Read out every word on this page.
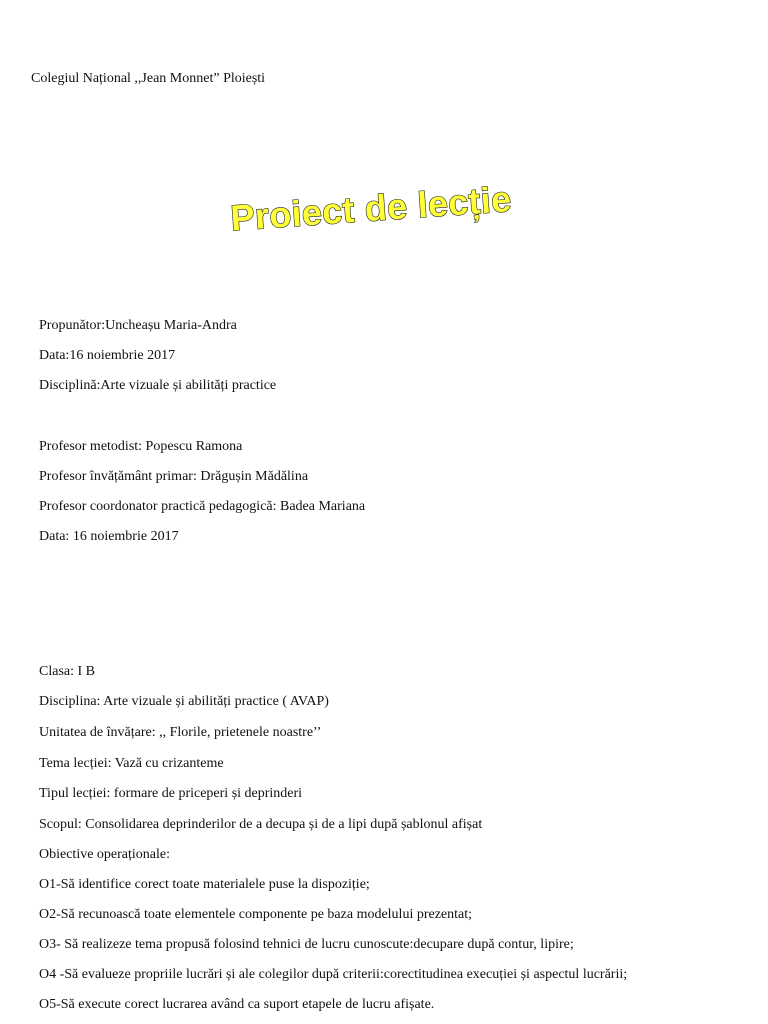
Colegiul Național ,,Jean Monnet” Ploiești
Proiect de lecție
Propunător:Uncheașu Maria-Andra
Data:16 noiembrie 2017
Disciplină:Arte vizuale și abilități practice
Profesor metodist: Popescu Ramona
Profesor învățământ primar: Drăgușin Mădălina
Profesor coordonator practică pedagogică: Badea Mariana
Data: 16 noiembrie 2017
Clasa: I B
Disciplina: Arte vizuale și abilități practice ( AVAP)
Unitatea de învățare: ,, Florile, prietenele noastre’’
Tema lecției: Vază cu crizanteme
Tipul lecției: formare de priceperi și deprinderi
Scopul: Consolidarea deprinderilor de a decupa și de a lipi după șablonul afișat
Obiective operaționale:
O1-Să identifice corect toate materialele puse la dispoziție;
O2-Să recunoască toate elementele componente pe baza modelului prezentat;
O3- Să realizeze tema propusă folosind tehnici de lucru cunoscute:decupare după contur, lipire;
O4 -Să evalueze propriile lucrări și ale colegilor după criterii:corectitudinea execuției și aspectul lucrării;
O5-Să execute corect lucrarea având ca suport etapele de lucru afișate.
